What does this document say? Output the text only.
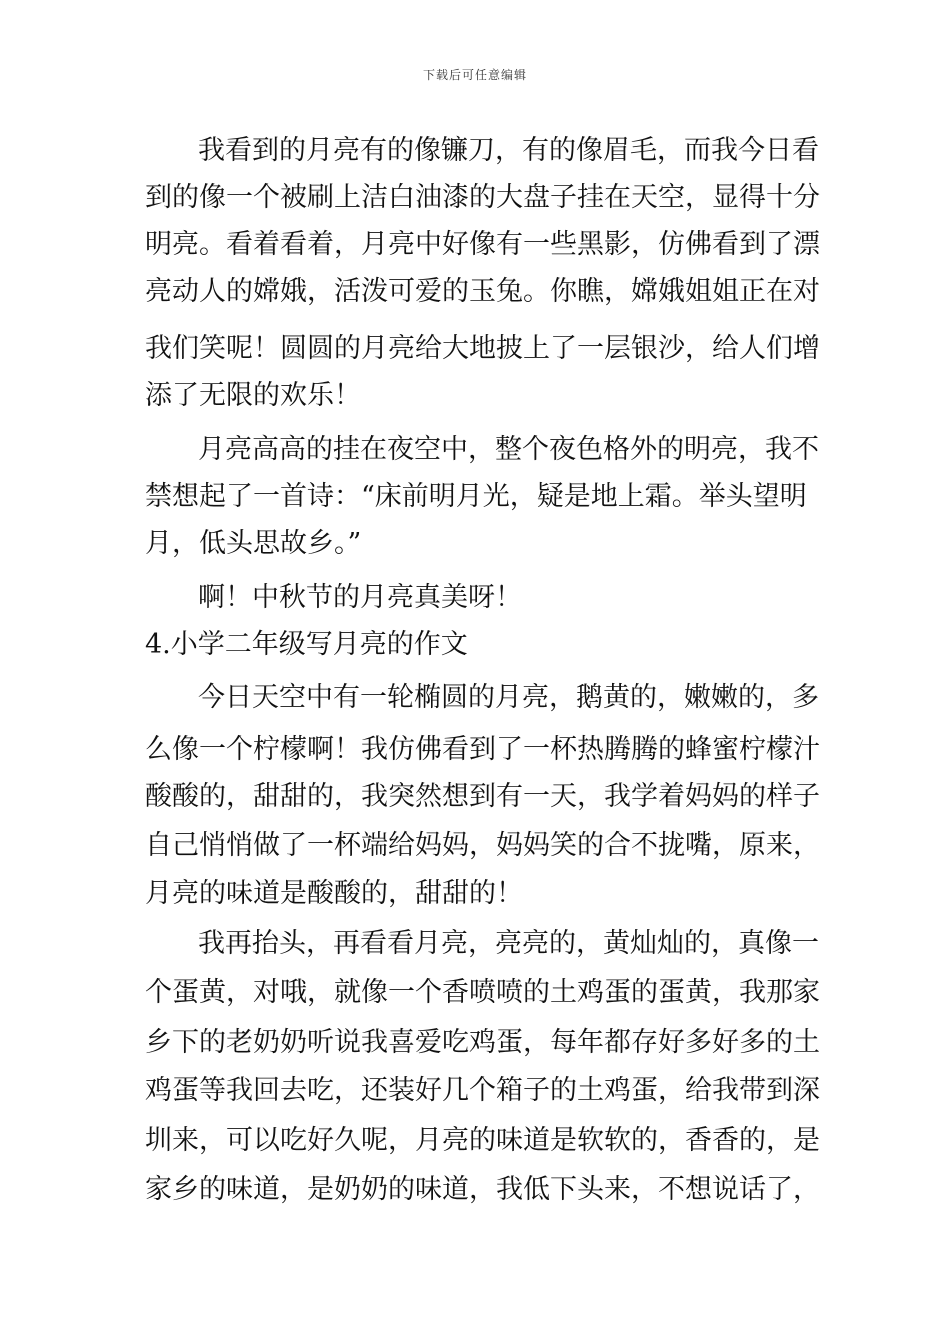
下载后可任意编辑
我看到的月亮有的像镰刀，有的像眉毛，而我今日看
到的像一个被刷上洁白油漆的大盘子挂在天空，显得十分
明亮。看着看着，月亮中好像有一些黑影，仿佛看到了漂
亮动人的嫦娥，活泼可爱的玉兔。你瞧，嫦娥姐姐正在对
我们笑呢！圆圆的月亮给大地披上了一层银沙，给人们增
添了无限的欢乐！
月亮高高的挂在夜空中，整个夜色格外的明亮，我不
禁想起了一首诗：“床前明月光，疑是地上霜。举头望明
月，低头思故乡。”
啊！中秋节的月亮真美呀！
4.小学二年级写月亮的作文
今日天空中有一轮椭圆的月亮，鹅黄的，嫩嫩的，多
么像一个柠檬啊！我仿佛看到了一杯热腾腾的蜂蜜柠檬汁
酸酸的，甜甜的，我突然想到有一天，我学着妈妈的样子
自己悄悄做了一杯端给妈妈，妈妈笑的合不拢嘴，原来，
月亮的味道是酸酸的，甜甜的！
我再抬头，再看看月亮，亮亮的，黄灿灿的，真像一
个蛋黄，对哦，就像一个香喷喷的土鸡蛋的蛋黄，我那家
乡下的老奶奶听说我喜爱吃鸡蛋，每年都存好多好多的土
鸡蛋等我回去吃，还装好几个箱子的土鸡蛋，给我带到深
圳来，可以吃好久呢，月亮的味道是软软的，香香的，是
家乡的味道，是奶奶的味道，我低下头来，不想说话了，
